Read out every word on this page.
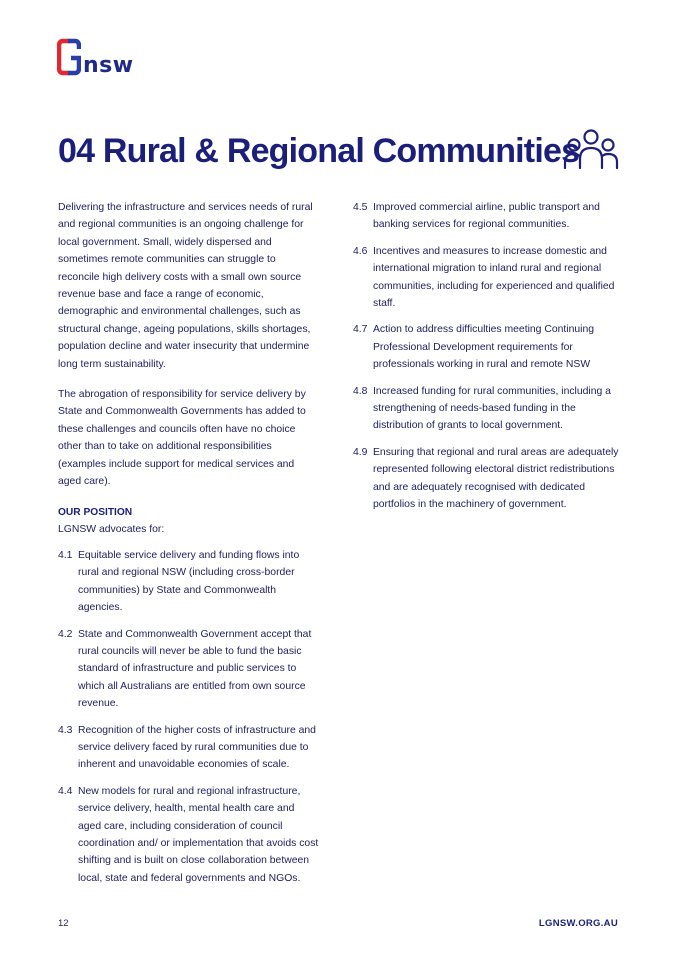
nsw
04 Rural & Regional Communities

Delivering the infrastructure and services needs of rural and regional communities is an ongoing challenge for local government. Small, widely dispersed and sometimes remote communities can struggle to reconcile high delivery costs with a small own source revenue base and face a range of economic, demographic and environmental challenges, such as structural change, ageing populations, skills shortages, population decline and water insecurity that undermine long term sustainability.

The abrogation of responsibility for service delivery by State and Commonwealth Governments has added to these challenges and councils often have no choice other than to take on additional responsibilities (examples include support for medical services and aged care).

OUR POSITION
LGNSW advocates for:
4.1 Equitable service delivery and funding flows into rural and regional NSW (including cross-border communities) by State and Commonwealth agencies.
4.2 State and Commonwealth Government accept that rural councils will never be able to fund the basic standard of infrastructure and public services to which all Australians are entitled from own source revenue.
4.3 Recognition of the higher costs of infrastructure and service delivery faced by rural communities due to inherent and unavoidable economies of scale.
4.4 New models for rural and regional infrastructure, service delivery, health, mental health care and aged care, including consideration of council coordination and/ or implementation that avoids cost shifting and is built on close collaboration between local, state and federal governments and NGOs.
4.5 Improved commercial airline, public transport and banking services for regional communities.
4.6 Incentives and measures to increase domestic and international migration to inland rural and regional communities, including for experienced and qualified staff.
4.7 Action to address difficulties meeting Continuing Professional Development requirements for professionals working in rural and remote NSW
4.8 Increased funding for rural communities, including a strengthening of needs-based funding in the distribution of grants to local government.
4.9 Ensuring that regional and rural areas are adequately represented following electoral district redistributions and are adequately recognised with dedicated portfolios in the machinery of government.
12	LGNSW.ORG.AU
